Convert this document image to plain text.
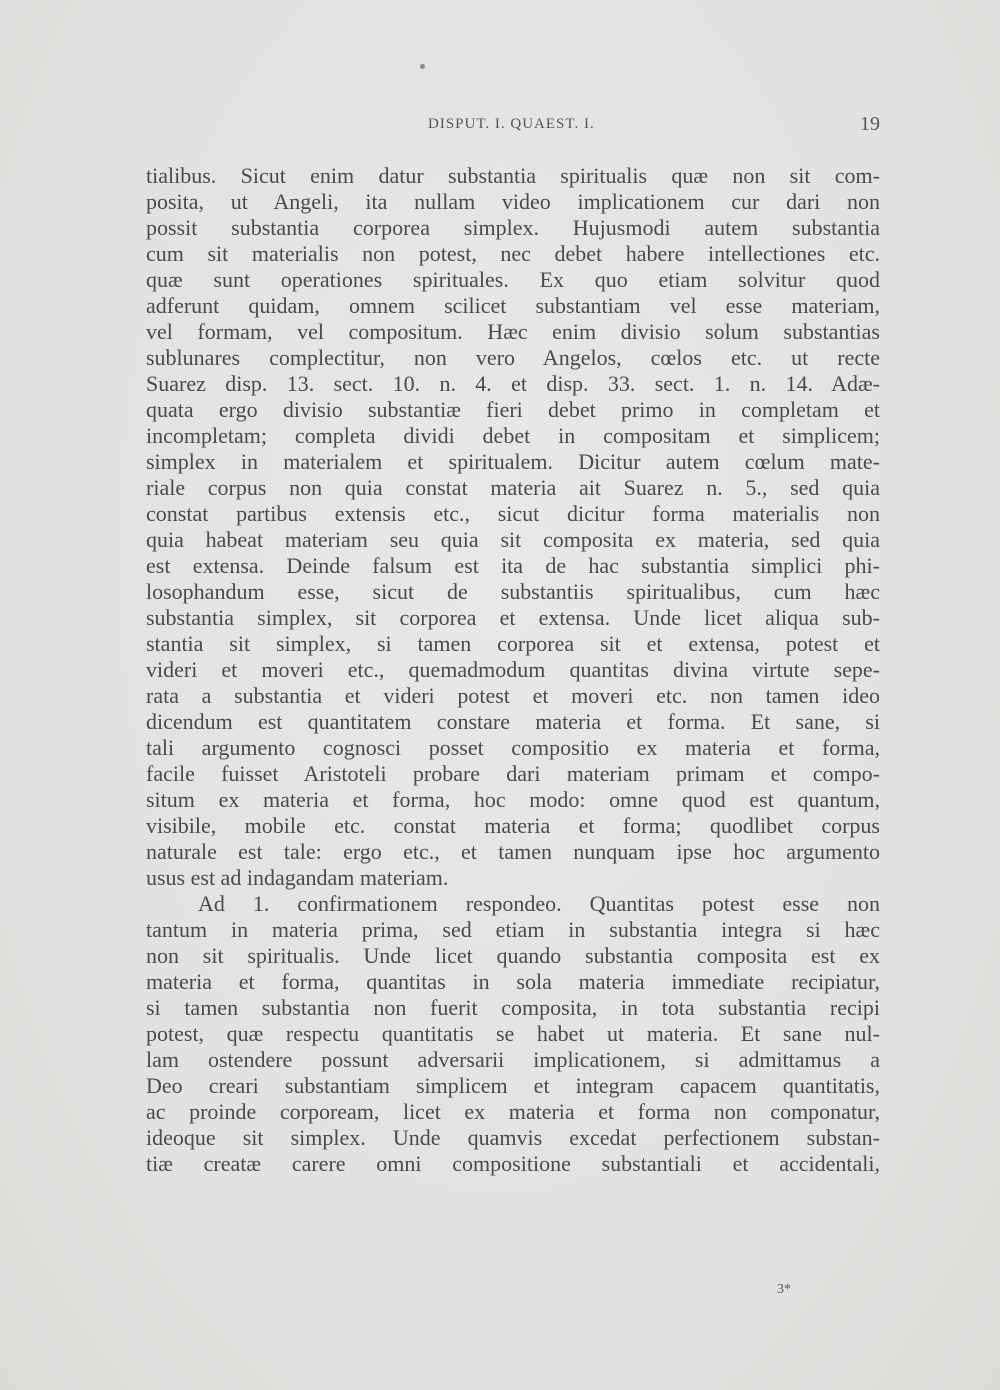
DISPUT. I. QUAEST. I.	19
tialibus. Sicut enim datur substantia spiritualis quæ non sit com-
posita, ut Angeli, ita nullam video implicationem cur dari non
possit substantia corporea simplex. Hujusmodi autem substantia
cum sit materialis non potest, nec debet habere intellectiones etc.
quæ sunt operationes spirituales. Ex quo etiam solvitur quod
adferunt quidam, omnem scilicet substantiam vel esse materiam,
vel formam, vel compositum. Hæc enim divisio solum substantias
sublunares complectitur, non vero Angelos, cœlos etc. ut recte
Suarez disp. 13. sect. 10. n. 4. et disp. 33. sect. 1. n. 14. Adæ-
quata ergo divisio substantiæ fieri debet primo in completam et
incompletam; completa dividi debet in compositam et simplicem;
simplex in materialem et spiritualem. Dicitur autem cœlum mate-
riale corpus non quia constat materia ait Suarez n. 5., sed quia
constat partibus extensis etc., sicut dicitur forma materialis non
quia habeat materiam seu quia sit composita ex materia, sed quia
est extensa. Deinde falsum est ita de hac substantia simplici phi-
losophandum esse, sicut de substantiis spiritualibus, cum hæc
substantia simplex, sit corporea et extensa. Unde licet aliqua sub-
stantia sit simplex, si tamen corporea sit et extensa, potest et
videri et moveri etc., quemadmodum quantitas divina virtute sepe-
rata a substantia et videri potest et moveri etc. non tamen ideo
dicendum est quantitatem constare materia et forma. Et sane, si
tali argumento cognosci posset compositio ex materia et forma,
facile fuisset Aristoteli probare dari materiam primam et compo-
situm ex materia et forma, hoc modo: omne quod est quantum,
visibile, mobile etc. constat materia et forma; quodlibet corpus
naturale est tale: ergo etc., et tamen nunquam ipse hoc argumento
usus est ad indagandam materiam.
Ad 1. confirmationem respondeo. Quantitas potest esse non
tantum in materia prima, sed etiam in substantia integra si hæc
non sit spiritualis. Unde licet quando substantia composita est ex
materia et forma, quantitas in sola materia immediate recipiatur,
si tamen substantia non fuerit composita, in tota substantia recipi
potest, quæ respectu quantitatis se habet ut materia. Et sane nul-
lam ostendere possunt adversarii implicationem, si admittamus a
Deo creari substantiam simplicem et integram capacem quantitatis,
ac proinde corpoream, licet ex materia et forma non componatur,
ideoque sit simplex. Unde quamvis excedat perfectionem substan-
tiæ creatæ carere omni compositione substantiali et accidentali,
3*
